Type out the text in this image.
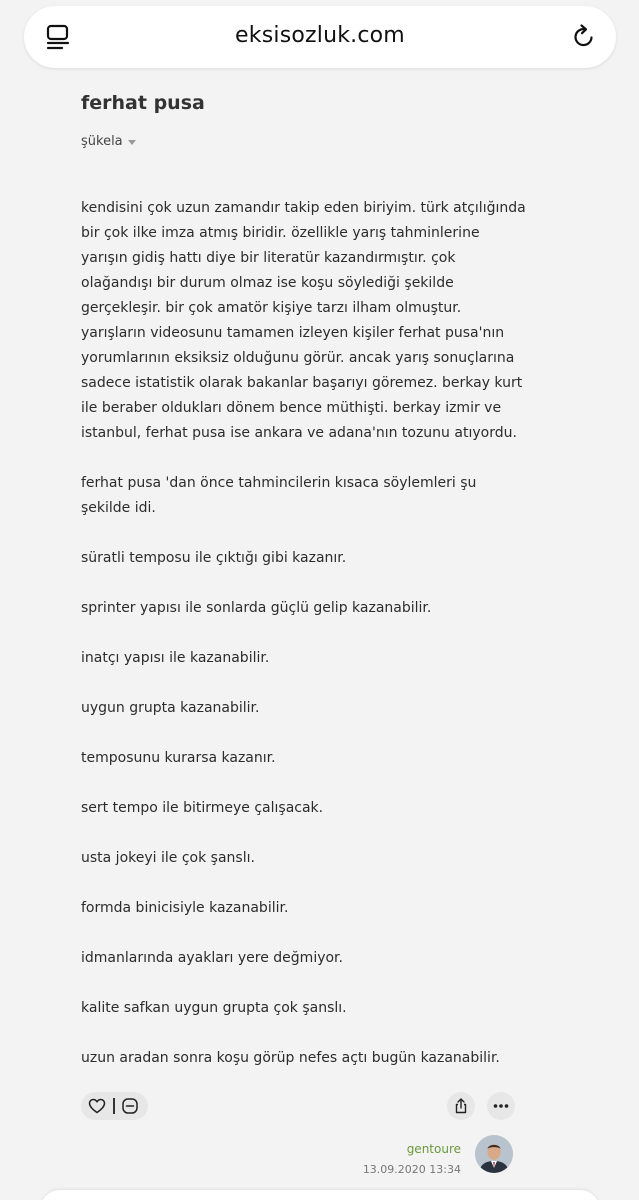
eksisozluk.com
ferhat pusa
şükela

kendisini çok uzun zamandır takip eden biriyim. türk atçılığında bir çok ilke imza atmış biridir. özellikle yarış tahminlerine yarışın gidiş hattı diye bir literatür kazandırmıştır. çok olağandışı bir durum olmaz ise koşu söylediği şekilde gerçekleşir. bir çok amatör kişiye tarzı ilham olmuştur. yarışların videosunu tamamen izleyen kişiler ferhat pusa'nın yorumlarının eksiksiz olduğunu görür. ancak yarış sonuçlarına sadece istatistik olarak bakanlar başarıyı göremez. berkay kurt ile beraber oldukları dönem bence müthişti. berkay izmir ve istanbul, ferhat pusa ise ankara ve adana'nın tozunu atıyordu.

ferhat pusa 'dan önce tahmincilerin kısaca söylemleri şu şekilde idi.

süratli temposu ile çıktığı gibi kazanır.

sprinter yapısı ile sonlarda güçlü gelip kazanabilir.

inatçı yapısı ile kazanabilir.

uygun grupta kazanabilir.

temposunu kurarsa kazanır.

sert tempo ile bitirmeye çalışacak.

usta jokeyi ile çok şanslı.

formda binicisiyle kazanabilir.

idmanlarında ayakları yere değmiyor.

kalite safkan uygun grupta çok şanslı.

uzun aradan sonra koşu görüp nefes açtı bugün kazanabilir.

gentoure
13.09.2020 13:34
